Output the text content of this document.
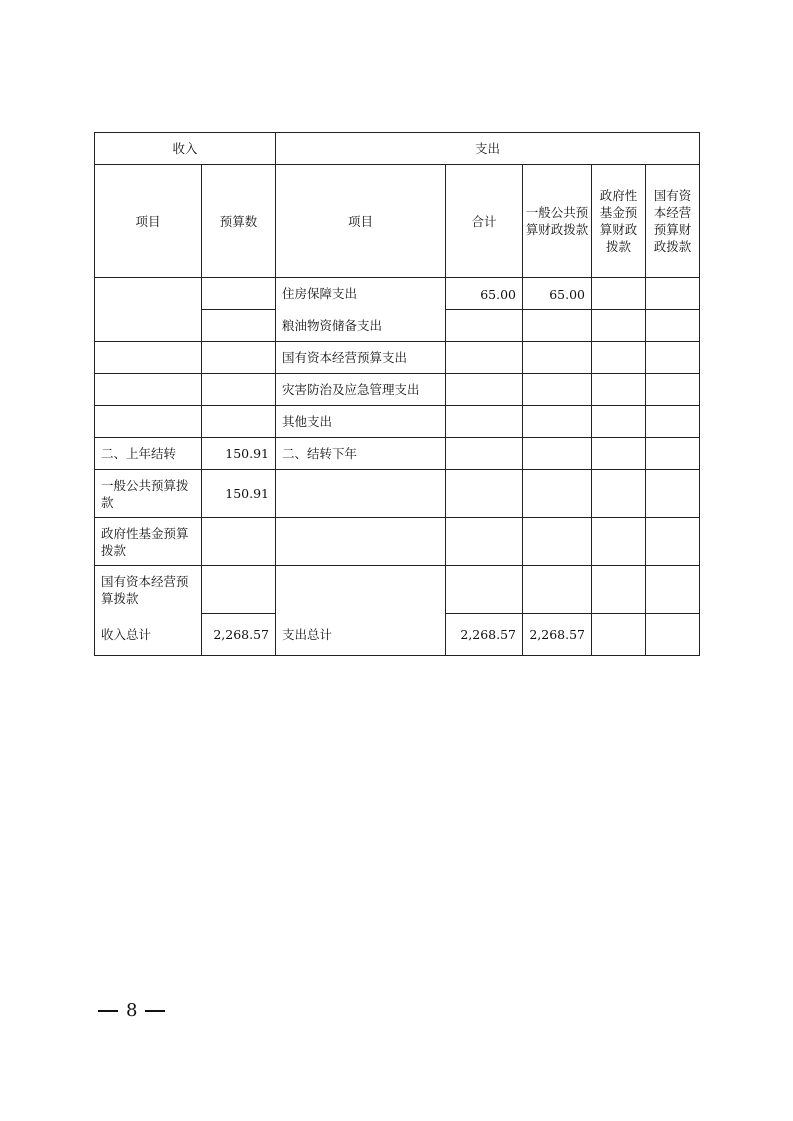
收入		支出				
项目	预算数	项目	合计	一般公共预算财政拨款	政府性基金预算财政拨款	国有资本经营预算财政拨款
		住房保障支出	65.00	65.00		
		粮油物资储备支出				
		国有资本经营预算支出				
		灾害防治及应急管理支出				
		其他支出				
二、上年结转	150.91	二、结转下年				
一般公共预算拨款	150.91					
政府性基金预算拨款						
国有资本经营预算拨款						
收入总计	2,268.57	支出总计	2,268.57	2,268.57		
8
